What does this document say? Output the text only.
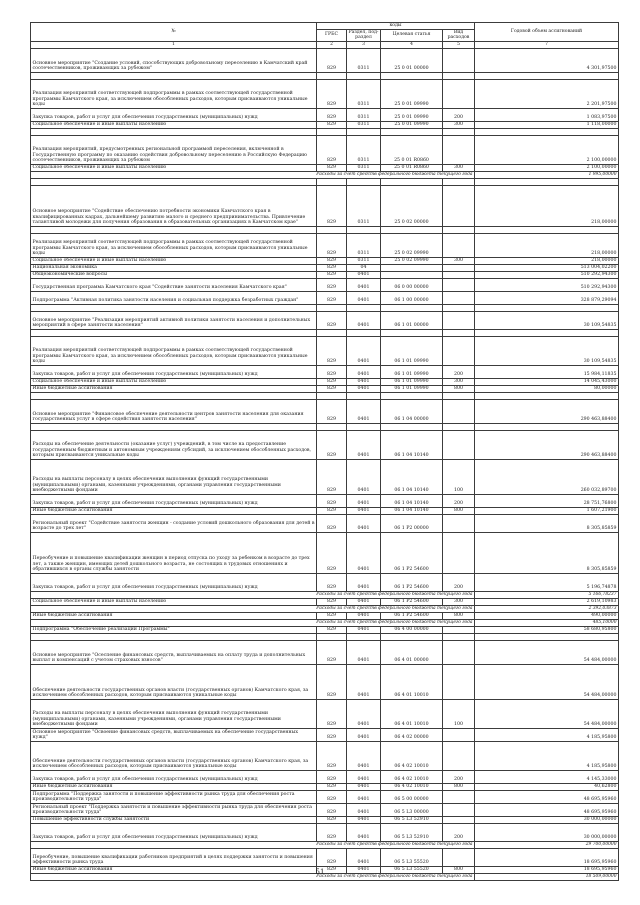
№	коды				Годовой объем ассигнований
	ГРБС	Раздел, под- раздел	Целевая статья	Вид расходов	
1	2	3	4	5	7
Основное мероприятие "Создание условий, способствующих добровольному переселению в Камчатский край соотечественников, проживающих за рубежом"	829	0311	25 0 01 00000		4 301,97500

Реализация мероприятий соответствующей подпрограммы в рамках соответствующей государственной программы Камчатского края, за исключением обособленных расходов, которым присваиваются уникальные коды	829	0311	25 0 01 09990		2 201,97500
Закупка товаров, работ и услуг для обеспечения государственных (муниципальных) нужд	829	0311	25 0 01 09990	200	1 083,97500
Социальное обеспечение и иные выплаты населению	829	0311	25 0 01 09990	300	1 118,00000

Реализация мероприятий, предусмотренных региональной программой переселения, включенной в Государственную программу по оказанию содействия добровольному переселению в Российскую Федерацию соотечественников, проживающих за рубежом	829	0311	25 0 01 R0860		2 100,00000
Социальное обеспечение и иные выплаты населению	829	0311	25 0 01 R0860	300	2 100,00000
Расходы за счет средств федерального бюджета текущего года					1 995,00000

Основное мероприятие "Содействие обеспечению потребности экономики Камчатского края в квалифицированных кадрах, дальнейшему развитию малого и среднего предпринимательства. Привлечение талантливой молодежи для получения образования в образовательных организациях в Камчатском крае"	829	0311	25 0 02 00000		218,00000

Реализация мероприятий соответствующей подпрограммы в рамках соответствующей государственной программы Камчатского края, за исключением обособленных расходов, которым присваиваются уникальные коды	829	0311	25 0 02 09990		218,00000
Социальное обеспечение и иные выплаты населению	829	0311	25 0 02 09990	300	218,00000
Национальная экономика	829	04			513 004,02200
Общеэкономические вопросы	829	0401			510 292,94300
Государственная программа Камчатского края "Содействие занятости населения Камчатского края"	829	0401	06 0 00 00000		510 292,94300
Подпрограмма "Активная политика занятости населения и социальная поддержка безработных граждан"	829	0401	06 1 00 00000		328 879,29094

Основное мероприятие "Реализация мероприятий активной политики занятости населения и дополнительных мероприятий в сфере занятости населения"	829	0401	06 1 01 00000		30 109,54835

Реализация мероприятий соответствующей подпрограммы в рамках соответствующей государственной программы Камчатского края, за исключением обособленных расходов, которым присваиваются уникальные коды	829	0401	06 1 01 09990		30 109,54835
Закупка товаров, работ и услуг для обеспечения государственных (муниципальных) нужд	829	0401	06 1 01 09990	200	15 984,11835
Социальное обеспечение и иные выплаты населению	829	0401	06 1 01 09990	300	14 045,43000
Иные бюджетные ассигнования	829	0401	06 1 01 09990	800	80,00000

Основное мероприятие "Финансовое обеспечение деятельности центров занятости населения для оказания государственных услуг в сфере содействия занятости населения"	829	0401	06 1 04 00000		290 463,88400

Расходы на обеспечение деятельности (оказание услуг) учреждений, в том числе на предоставление государственным бюджетным и автономным учреждениям субсидий, за исключением обособленных расходов, которым присваиваются уникальные коды	829	0401	06 1 04 10140		290 463,88400
Расходы на выплаты персоналу в целях обеспечения выполнения функций государственными (муниципальными) органами, казенными учреждениями, органами управления государственными внебюджетными фондами	829	0401	06 1 04 10140	100	260 032,89700
Закупка товаров, работ и услуг для обеспечения государственных (муниципальных) нужд	829	0401	06 1 04 10140	200	28 751,76800
Иные бюджетные ассигнования	829	0401	06 1 04 10140	800	1 607,21900
Региональный проект "Содействие занятости женщин - создание условий дошкольного образования для детей в возрасте до трех лет"	829	0401	06 1 P2 00000		8 305,85859
Переобучение и повышение квалификации женщин в период отпуска по уходу за ребенком в возрасте до трех лет, а также женщин, имеющих детей дошкольного возраста, не состоящих в трудовых отношениях и обратившихся в органы службы занятости	829	0401	06 1 P2 54600		8 305,85859
Закупка товаров, работ и услуг для обеспечения государственных (муниципальных) нужд	829	0401	06 1 P2 54600	200	5 196,74878
Расходы за счет средств федерального бюджета текущего года					5 166,78237
Социальное обеспечение и иные выплаты населению	829	0401	06 1 P2 54600	300	2 619,10983
Расходы за счет средств федерального бюджета текущего года					2 392,03873
Иные бюджетные ассигнования	829	0401	06 1 P2 54600	800	490,00000
Расходы за счет средств федерального бюджета текущего года					485,10000
Подпрограмма "Обеспечение реализации Программы"	829	0401	06 4 00 00000		58 680,95800

Основное мероприятие "Осеспение финансовых средств, выплачиваемых на оплату труда и дополнительных выплат и компенсаций с учетом страховых взносов"	829	0401	06 4 01 00000		54 484,00000
Обеспечение деятельности государственных органов власти (государственных органов) Камчатского края, за исключением обособленных расходов, которым присваиваются уникальные коды	829	0401	06 4 01 10010		54 484,00000
Расходы на выплаты персоналу в целях обеспечения выполнения функций государственными (муниципальными) органами, казенными учреждениями, органами управления государственными внебюджетными фондами	829	0401	06 4 01 10010	100	54 484,00000
Основное мероприятие "Освоение финансовых средств, выплачиваемых на обеспечение государственных нужд"	829	0401	06 4 02 00000		4 185,95800
Обеспечение деятельности государственных органов власти (государственных органов) Камчатского края, за исключением обособленных расходов, которым присваиваются уникальные коды	829	0401	06 4 02 10010		4 185,95800
Закупка товаров, работ и услуг для обеспечения государственных (муниципальных) нужд	829	0401	06 4 02 10010	200	4 145,33000
Иные бюджетные ассигнования	829	0401	06 4 02 10010	800	40,62800
Подпрограмма "Поддержка занятости и повышение эффективности рынка труда для обеспечения роста производительности труда"	829	0401	06 5 00 00000		48 695,95960
Региональный проект "Поддержка занятости и повышение эффективности рынка труда для обеспечения роста производительности труда"	829	0401	06 5 L3 00000		48 695,95960
Повышение эффективности службы занятости	829	0401	06 5 L3 52910		30 000,00000
Закупка товаров, работ и услуг для обеспечения государственных (муниципальных) нужд	829	0401	06 5 L3 52910	200	30 000,00000
Расходы за счет средств федерального бюджета текущего года					29 700,00000
Переобучение, повышение квалификации работников предприятий в целях поддержки занятости и повышения эффективности рынка труда	829	0401	06 5 L3 55520		18 695,95960
Иные бюджетные ассигнования	829	0401	06 5 L3 55520	800	18 695,95960
Расходы за счет средств федерального бюджета текущего года					18 509,00000
51
